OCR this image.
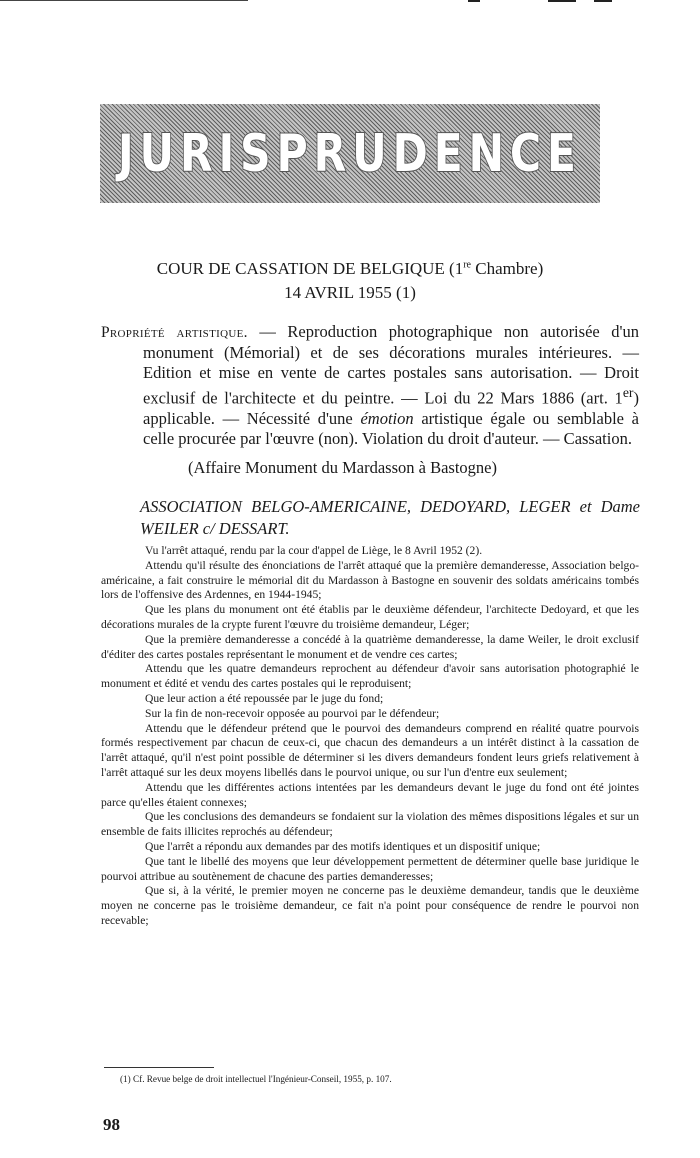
JURISPRUDENCE
COUR DE CASSATION DE BELGIQUE (1re Chambre)
14 AVRIL 1955 (1)

Propriété artistique. — Reproduction photographique non autorisée d'un monument (Mémorial) et de ses décorations murales intérieures. — Edition et mise en vente de cartes postales sans autorisation. — Droit exclusif de l'architecte et du peintre. — Loi du 22 Mars 1886 (art. 1er) applicable. — Nécessité d'une émotion artistique égale ou semblable à celle procurée par l'œuvre (non). Violation du droit d'auteur. — Cassation.

(Affaire Monument du Mardasson à Bastogne)
ASSOCIATION BELGO-AMERICAINE, DEDOYARD, LEGER et Dame WEILER c/ DESSART.

Vu l'arrêt attaqué, rendu par la cour d'appel de Liège, le 8 Avril 1952 (2).

Attendu qu'il résulte des énonciations de l'arrêt attaqué que la première demanderesse, Association belgo-américaine, a fait construire le mémorial dit du Mardasson à Bastogne en souvenir des soldats américains tombés lors de l'offensive des Ardennes, en 1944-1945;

Que les plans du monument ont été établis par le deuxième défendeur, l'architecte Dedoyard, et que les décorations murales de la crypte furent l'œuvre du troisième demandeur, Léger;

Que la première demanderesse a concédé à la quatrième demanderesse, la dame Weiler, le droit exclusif d'éditer des cartes postales représentant le monument et de vendre ces cartes;

Attendu que les quatre demandeurs reprochent au défendeur d'avoir sans autorisation photographié le monument et édité et vendu des cartes postales qui le reproduisent;

Que leur action a été repoussée par le juge du fond;

Sur la fin de non-recevoir opposée au pourvoi par le défendeur;

Attendu que le défendeur prétend que le pourvoi des demandeurs comprend en réalité quatre pourvois formés respectivement par chacun de ceux-ci, que chacun des demandeurs a un intérêt distinct à la cassation de l'arrêt attaqué, qu'il n'est point possible de déterminer si les divers demandeurs fondent leurs griefs relativement à l'arrêt attaqué sur les deux moyens libellés dans le pourvoi unique, ou sur l'un d'entre eux seulement;

Attendu que les différentes actions intentées par les demandeurs devant le juge du fond ont été jointes parce qu'elles étaient connexes;

Que les conclusions des demandeurs se fondaient sur la violation des mêmes dispositions légales et sur un ensemble de faits illicites reprochés au défendeur;

Que l'arrêt a répondu aux demandes par des motifs identiques et un dispositif unique;

Que tant le libellé des moyens que leur développement permettent de déterminer quelle base juridique le pourvoi attribue au soutènement de chacune des parties demanderesses;

Que si, à la vérité, le premier moyen ne concerne pas le deuxième demandeur, tandis que le deuxième moyen ne concerne pas le troisième demandeur, ce fait n'a point pour conséquence de rendre le pourvoi non recevable;

(1) Cf. Revue belge de droit intellectuel l'Ingénieur-Conseil, 1955, p. 107.
98
